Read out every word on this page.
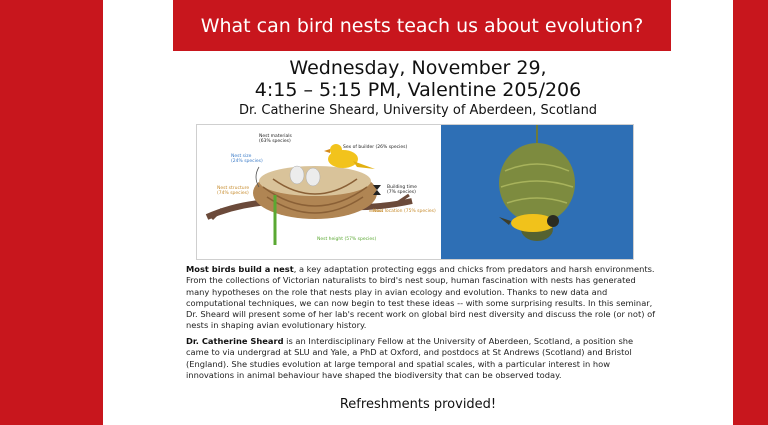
What can bird nests teach us about evolution?
Wednesday, November 29,
4:15 – 5:15 PM, Valentine 205/206
Dr. Catherine Sheard, University of Aberdeen, Scotland
Nest materials
(63% species)
Sex of builder (26% species)
Nest size
(24% species)
Nest structure
(74% species)
Building time
(7% species)
Nest location (75% species)
Nest height (57% species)
Most birds build a nest, a key adaptation protecting eggs and chicks from predators and harsh environments. From the collections of Victorian naturalists to bird's nest soup, human fascination with nests has generated many hypotheses on the role that nests play in avian ecology and evolution. Thanks to new data and computational techniques, we can now begin to test these ideas -- with some surprising results. In this seminar, Dr. Sheard will present some of her lab's recent work on global bird nest diversity and discuss the role (or not) of nests in shaping avian evolutionary history.
Dr. Catherine Sheard is an Interdisciplinary Fellow at the University of Aberdeen, Scotland, a position she came to via undergrad at SLU and Yale, a PhD at Oxford, and postdocs at St Andrews (Scotland) and Bristol (England). She studies evolution at large temporal and spatial scales, with a particular interest in how innovations in animal behaviour have shaped the biodiversity that can be observed today.
Refreshments provided!
